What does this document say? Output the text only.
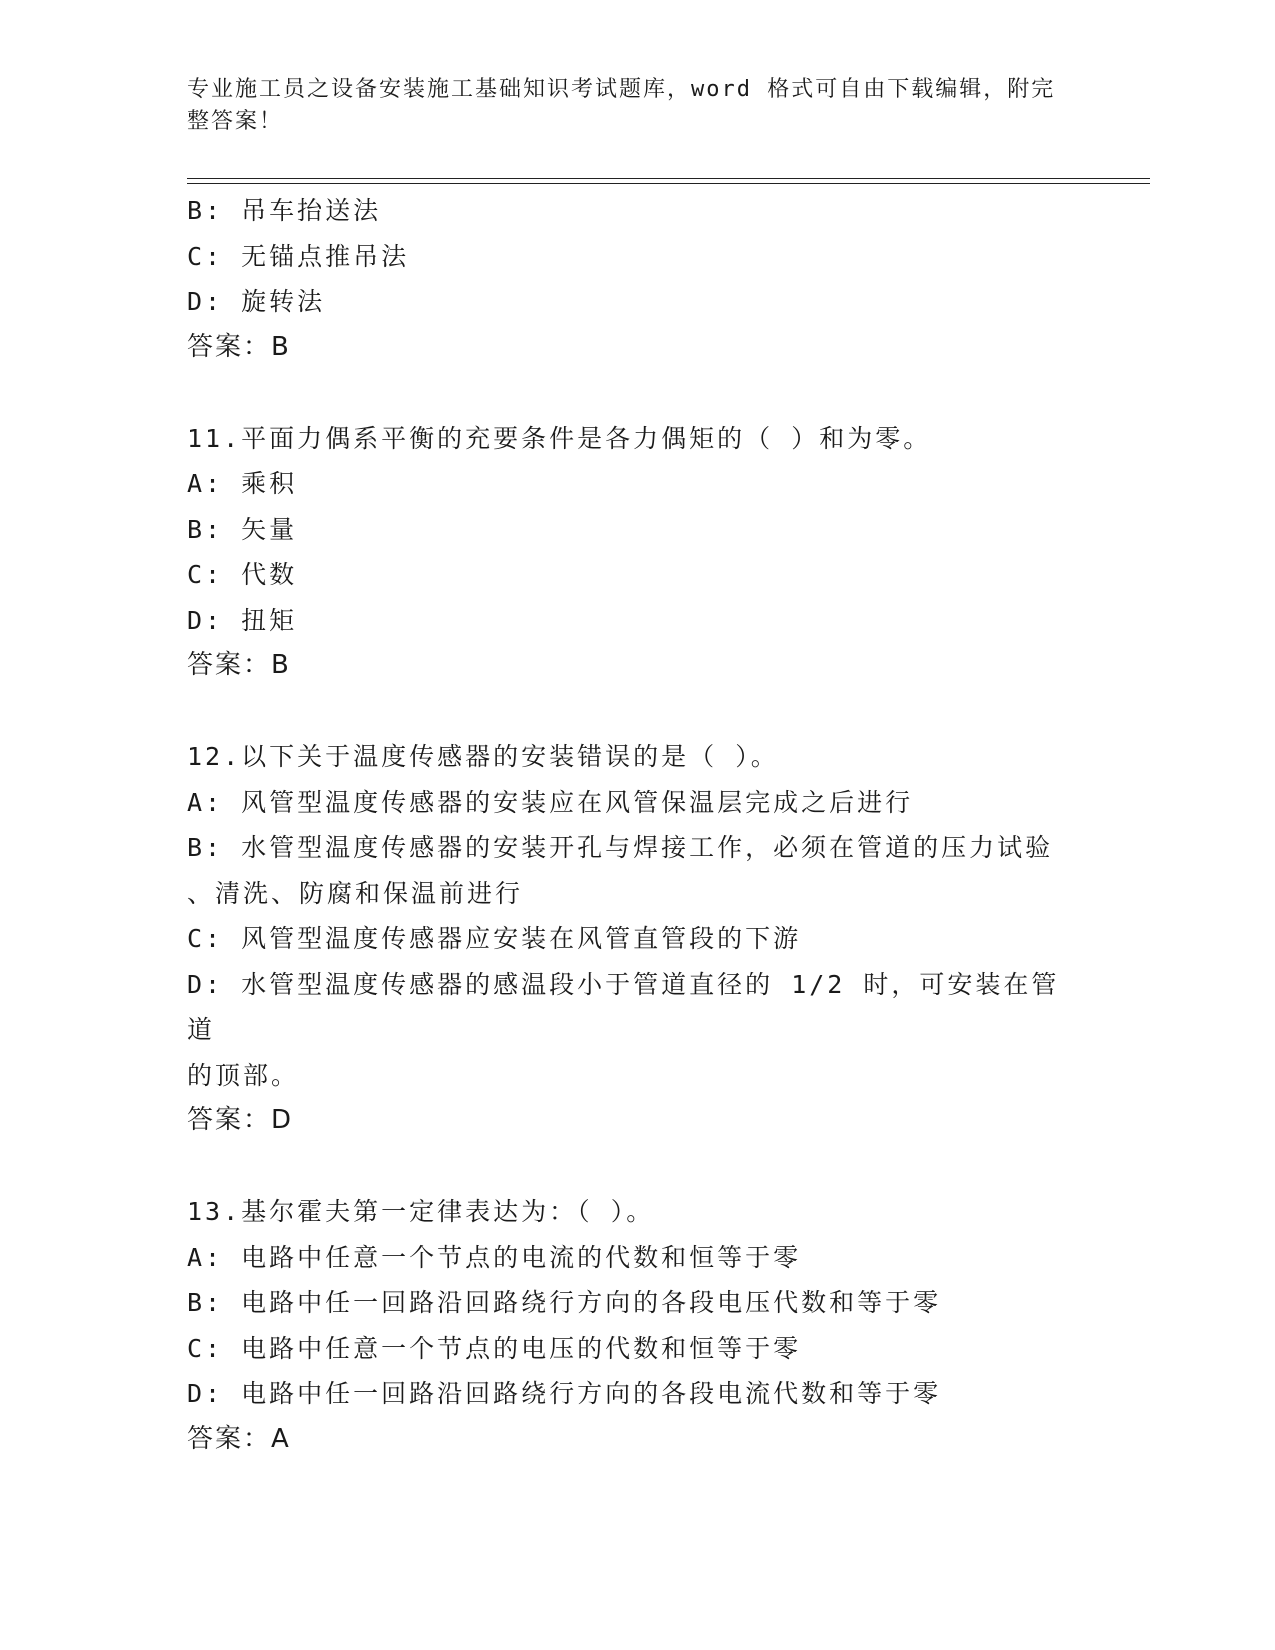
专业施工员之设备安装施工基础知识考试题库，word 格式可自由下载编辑，附完整答案！
B: 吊车抬送法
C: 无锚点推吊法
D: 旋转法
答案：B
11.平面力偶系平衡的充要条件是各力偶矩的（ ）和为零。
A: 乘积
B: 矢量
C: 代数
D: 扭矩
答案：B
12.以下关于温度传感器的安装错误的是（ ）。
A: 风管型温度传感器的安装应在风管保温层完成之后进行
B: 水管型温度传感器的安装开孔与焊接工作，必须在管道的压力试验
、清洗、防腐和保温前进行
C: 风管型温度传感器应安装在风管直管段的下游
D: 水管型温度传感器的感温段小于管道直径的 1/2 时，可安装在管道
的顶部。
答案：D
13.基尔霍夫第一定律表达为：（ ）。
A: 电路中任意一个节点的电流的代数和恒等于零
B: 电路中任一回路沿回路绕行方向的各段电压代数和等于零
C: 电路中任意一个节点的电压的代数和恒等于零
D: 电路中任一回路沿回路绕行方向的各段电流代数和等于零
答案：A
